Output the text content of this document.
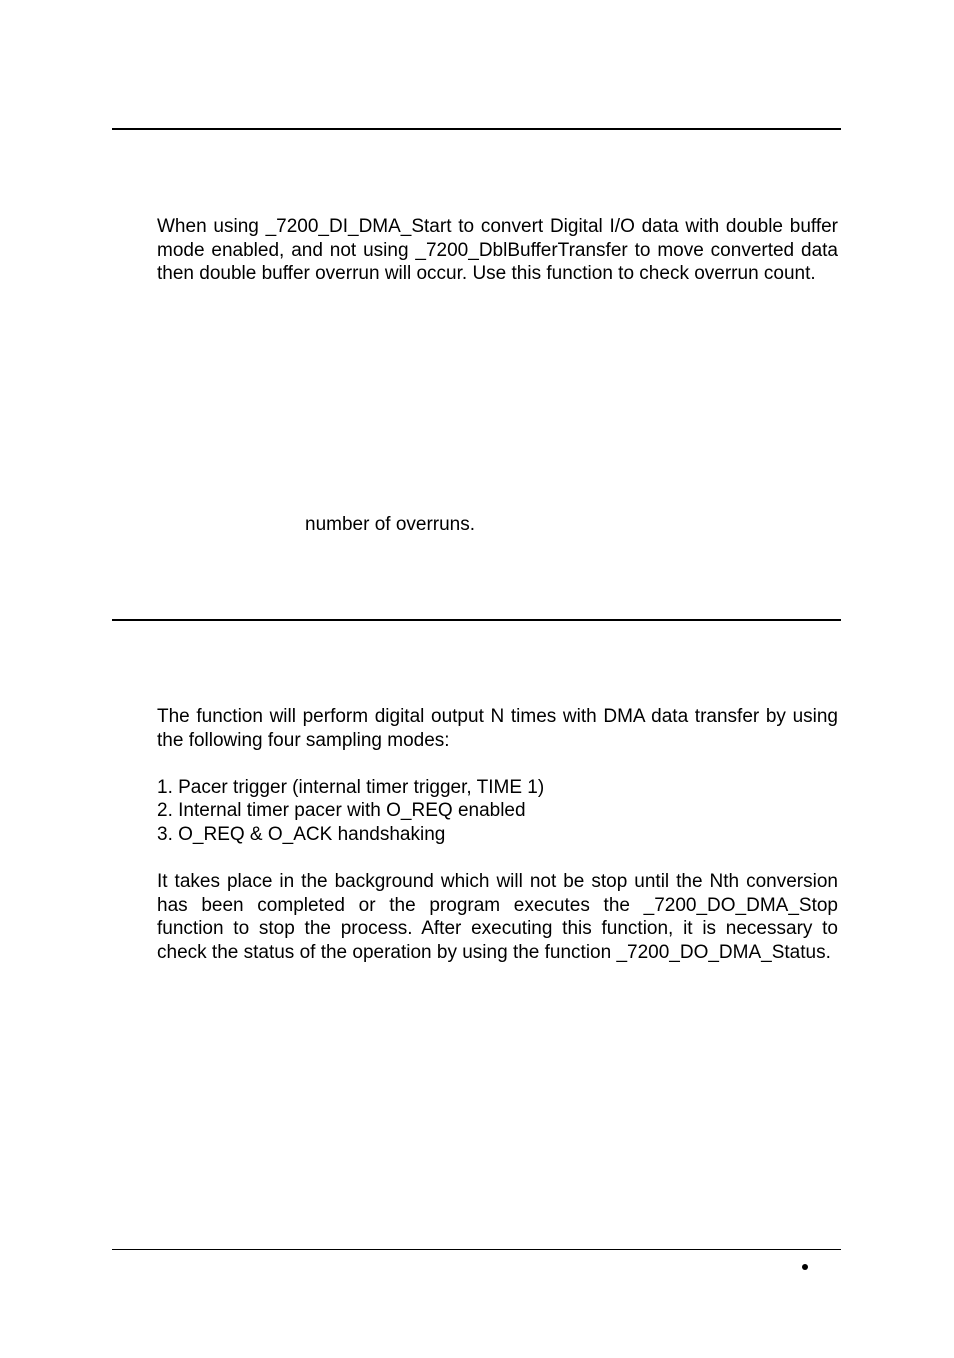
When using _7200_DI_DMA_Start to convert Digital I/O data with double buffer mode enabled, and not using _7200_DblBufferTransfer to move converted data then double buffer overrun will occur. Use this function to check overrun count.

number of overruns.

The function will perform digital output N times with DMA data transfer by using the following four sampling modes:

1. Pacer trigger (internal timer trigger, TIME 1)
2. Internal timer pacer with O_REQ enabled
3. O_REQ & O_ACK handshaking

It takes place in the background which will not be stop until the Nth conversion has been completed or the program executes the _7200_DO_DMA_Stop function to stop the process. After executing this function, it is necessary to check the status of the operation by using the function _7200_DO_DMA_Status.
